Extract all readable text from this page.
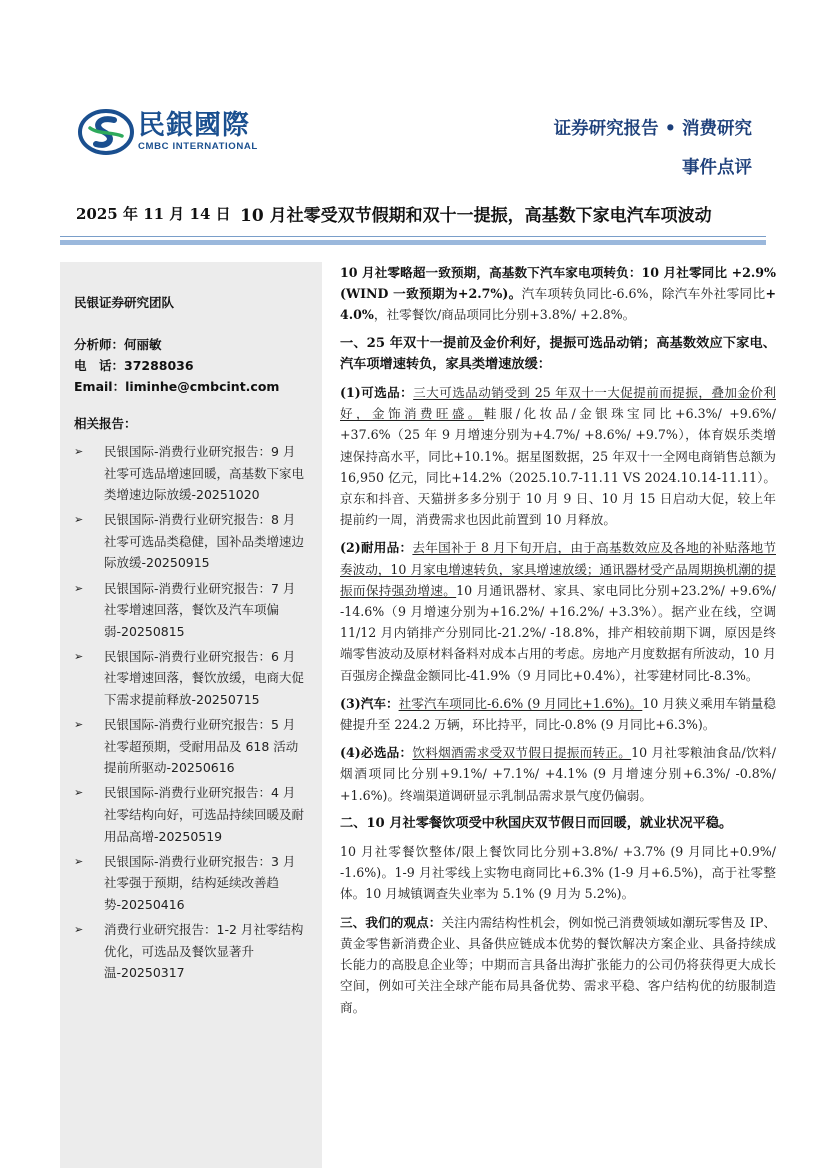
民銀國際
CMBC INTERNATIONAL
证券研究报告 • 消费研究
事件点评
2025 年 11 月 14 日 10 月社零受双节假期和双十一提振，高基数下家电汽车项波动
民银证券研究团队
分析师：何丽敏
电　话：37288036
Email：liminhe@cmbcint.com
相关报告：
➢ 民银国际-消费行业研究报告：9 月社零可选品增速回暖，高基数下家电类增速边际放缓-20251020
➢ 民银国际-消费行业研究报告：8 月社零可选品类稳健，国补品类增速边际放缓-20250915
➢ 民银国际-消费行业研究报告：7 月社零增速回落，餐饮及汽车项偏弱-20250815
➢ 民银国际-消费行业研究报告：6 月社零增速回落，餐饮放缓，电商大促下需求提前释放-20250715
➢ 民银国际-消费行业研究报告：5 月社零超预期，受耐用品及 618 活动提前所驱动-20250616
➢ 民银国际-消费行业研究报告：4 月社零结构向好，可选品持续回暖及耐用品高增-20250519
➢ 民银国际-消费行业研究报告：3 月社零强于预期，结构延续改善趋势-20250416
➢ 消费行业研究报告：1-2 月社零结构优化，可选品及餐饮显著升温-20250317

10 月社零略超一致预期，高基数下汽车家电项转负：10 月社零同比 +2.9% (WIND 一致预期为+2.7%)。汽车项转负同比-6.6%，除汽车外社零同比+ 4.0%，社零餐饮/商品项同比分别+3.8%/ +2.8%。

一、25 年双十一提前及金价利好，提振可选品动销；高基数效应下家电、汽车项增速转负，家具类增速放缓：

(1)可选品：三大可选品动销受到 25 年双十一大促提前而提振，叠加金价利好，金饰消费旺盛。鞋服/化妆品/金银珠宝同比+6.3%/ +9.6%/ +37.6%（25 年 9 月增速分别为+4.7%/ +8.6%/ +9.7%），体育娱乐类增速保持高水平，同比+10.1%。据星图数据，25 年双十一全网电商销售总额为 16,950 亿元，同比+14.2%（2025.10.7-11.11 VS 2024.10.14-11.11）。京东和抖音、天猫拼多多分别于 10 月 9 日、10 月 15 日启动大促，较上年提前约一周，消费需求也因此前置到 10 月释放。

(2)耐用品：去年国补于 8 月下旬开启，由于高基数效应及各地的补贴落地节奏波动，10 月家电增速转负，家具增速放缓；通讯器材受产品周期换机潮的提振而保持强劲增速。10 月通讯器材、家具、家电同比分别+23.2%/ +9.6%/ -14.6%（9 月增速分别为+16.2%/ +16.2%/ +3.3%）。据产业在线，空调 11/12 月内销排产分别同比-21.2%/ -18.8%，排产相较前期下调，原因是终端零售波动及原材料备料对成本占用的考虑。房地产月度数据有所波动，10 月百强房企操盘金额同比-41.9%（9 月同比+0.4%），社零建材同比-8.3%。

(3)汽车：社零汽车项同比-6.6% (9 月同比+1.6%)。10 月狭义乘用车销量稳健提升至 224.2 万辆，环比持平，同比-0.8% (9 月同比+6.3%)。

(4)必选品：饮料烟酒需求受双节假日提振而转正。10 月社零粮油食品/饮料/烟酒项同比分别+9.1%/ +7.1%/ +4.1% (9 月增速分别+6.3%/ -0.8%/ +1.6%)。终端渠道调研显示乳制品需求景气度仍偏弱。

二、10 月社零餐饮项受中秋国庆双节假日而回暖，就业状况平稳。

10 月社零餐饮整体/限上餐饮同比分别+3.8%/ +3.7% (9 月同比+0.9%/ -1.6%)。1-9 月社零线上实物电商同比+6.3% (1-9 月+6.5%)，高于社零整体。10 月城镇调查失业率为 5.1% (9 月为 5.2%)。

三、我们的观点：关注内需结构性机会，例如悦己消费领域如潮玩零售及 IP、黄金零售新消费企业、具备供应链成本优势的餐饮解决方案企业、具备持续成长能力的高股息企业等；中期而言具备出海扩张能力的公司仍将获得更大成长空间，例如可关注全球产能布局具备优势、需求平稳、客户结构优的纺服制造商。
